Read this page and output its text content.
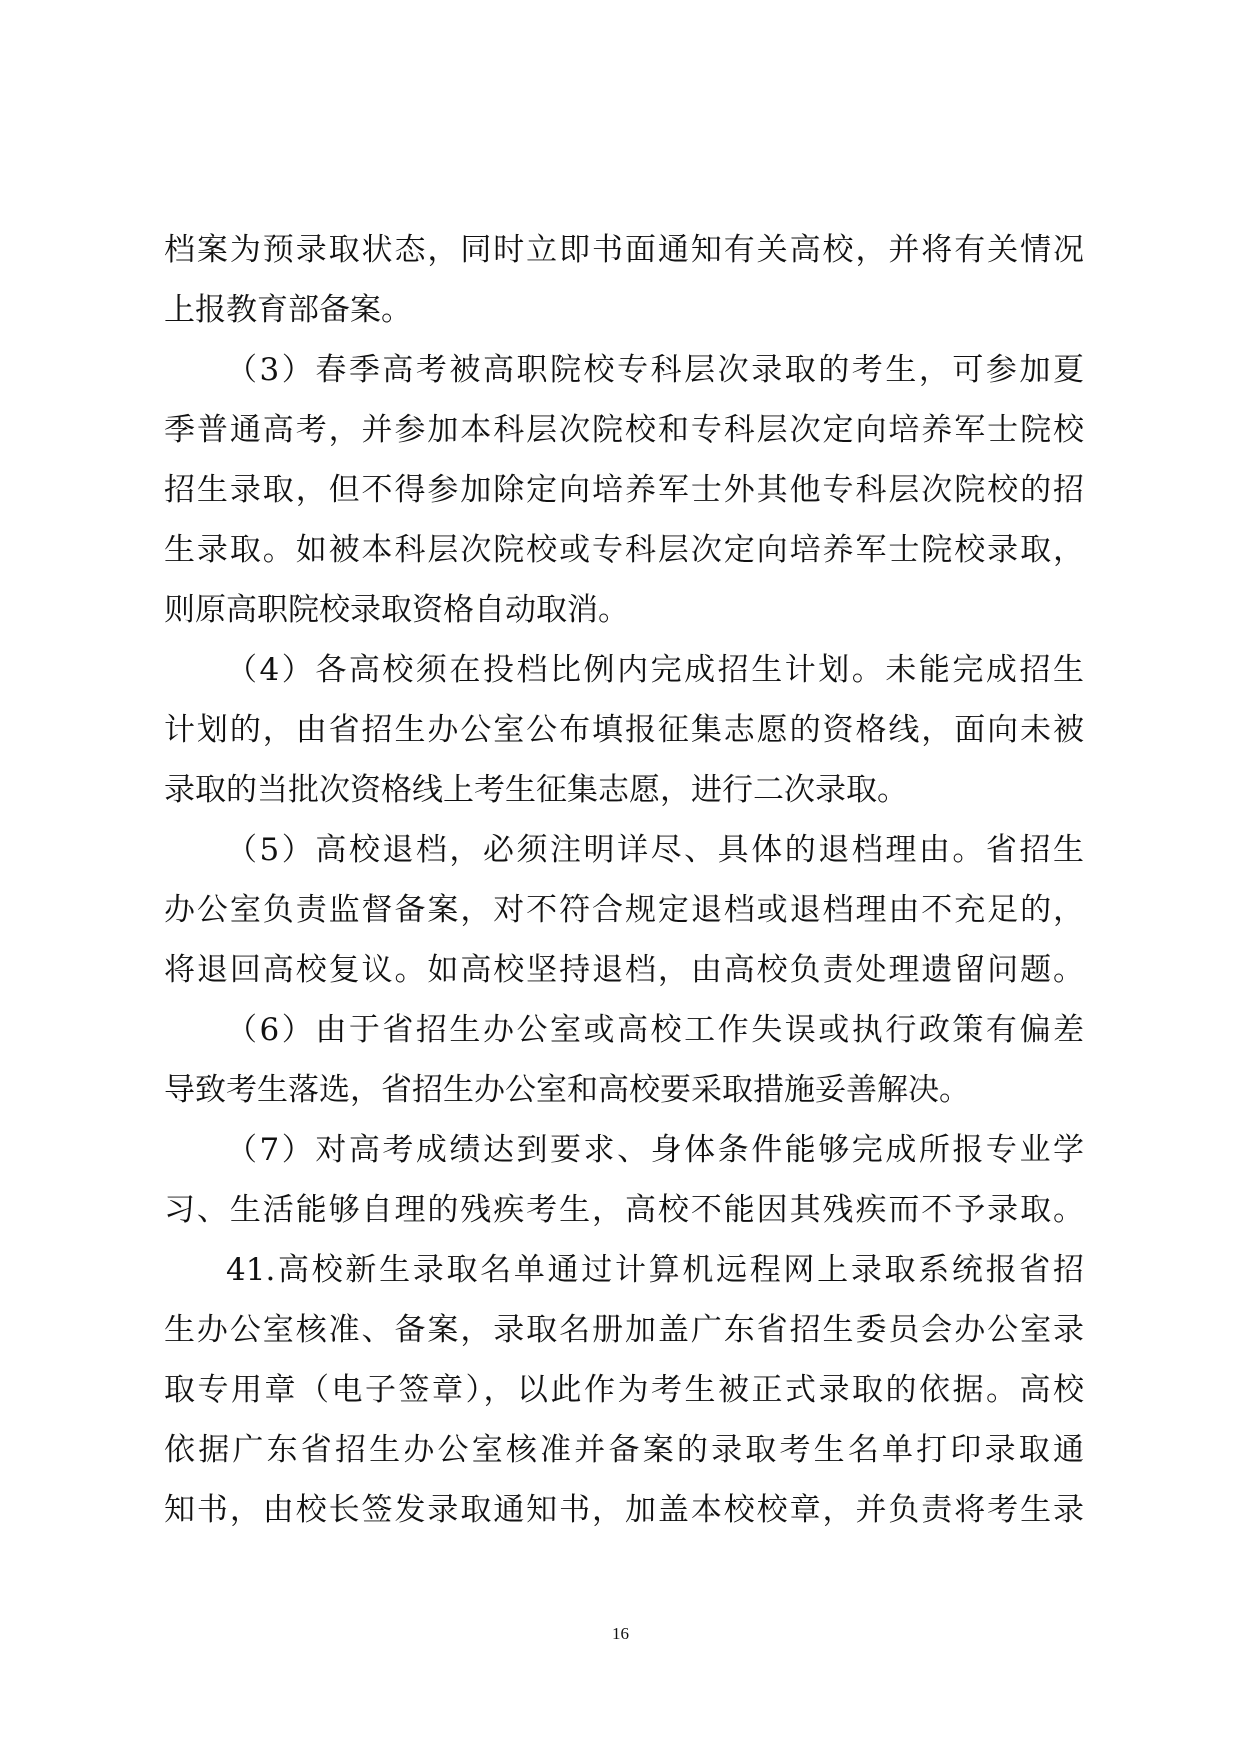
档案为预录取状态，同时立即书面通知有关高校，并将有关情况
上报教育部备案。
（3）春季高考被高职院校专科层次录取的考生，可参加夏
季普通高考，并参加本科层次院校和专科层次定向培养军士院校
招生录取，但不得参加除定向培养军士外其他专科层次院校的招
生录取。如被本科层次院校或专科层次定向培养军士院校录取，
则原高职院校录取资格自动取消。
（4）各高校须在投档比例内完成招生计划。未能完成招生
计划的，由省招生办公室公布填报征集志愿的资格线，面向未被
录取的当批次资格线上考生征集志愿，进行二次录取。
（5）高校退档，必须注明详尽、具体的退档理由。省招生
办公室负责监督备案，对不符合规定退档或退档理由不充足的，
将退回高校复议。如高校坚持退档，由高校负责处理遗留问题。
（6）由于省招生办公室或高校工作失误或执行政策有偏差
导致考生落选，省招生办公室和高校要采取措施妥善解决。
（7）对高考成绩达到要求、身体条件能够完成所报专业学
习、生活能够自理的残疾考生，高校不能因其残疾而不予录取。
41.高校新生录取名单通过计算机远程网上录取系统报省招
生办公室核准、备案，录取名册加盖广东省招生委员会办公室录
取专用章（电子签章），以此作为考生被正式录取的依据。高校
依据广东省招生办公室核准并备案的录取考生名单打印录取通
知书，由校长签发录取通知书，加盖本校校章，并负责将考生录
16
